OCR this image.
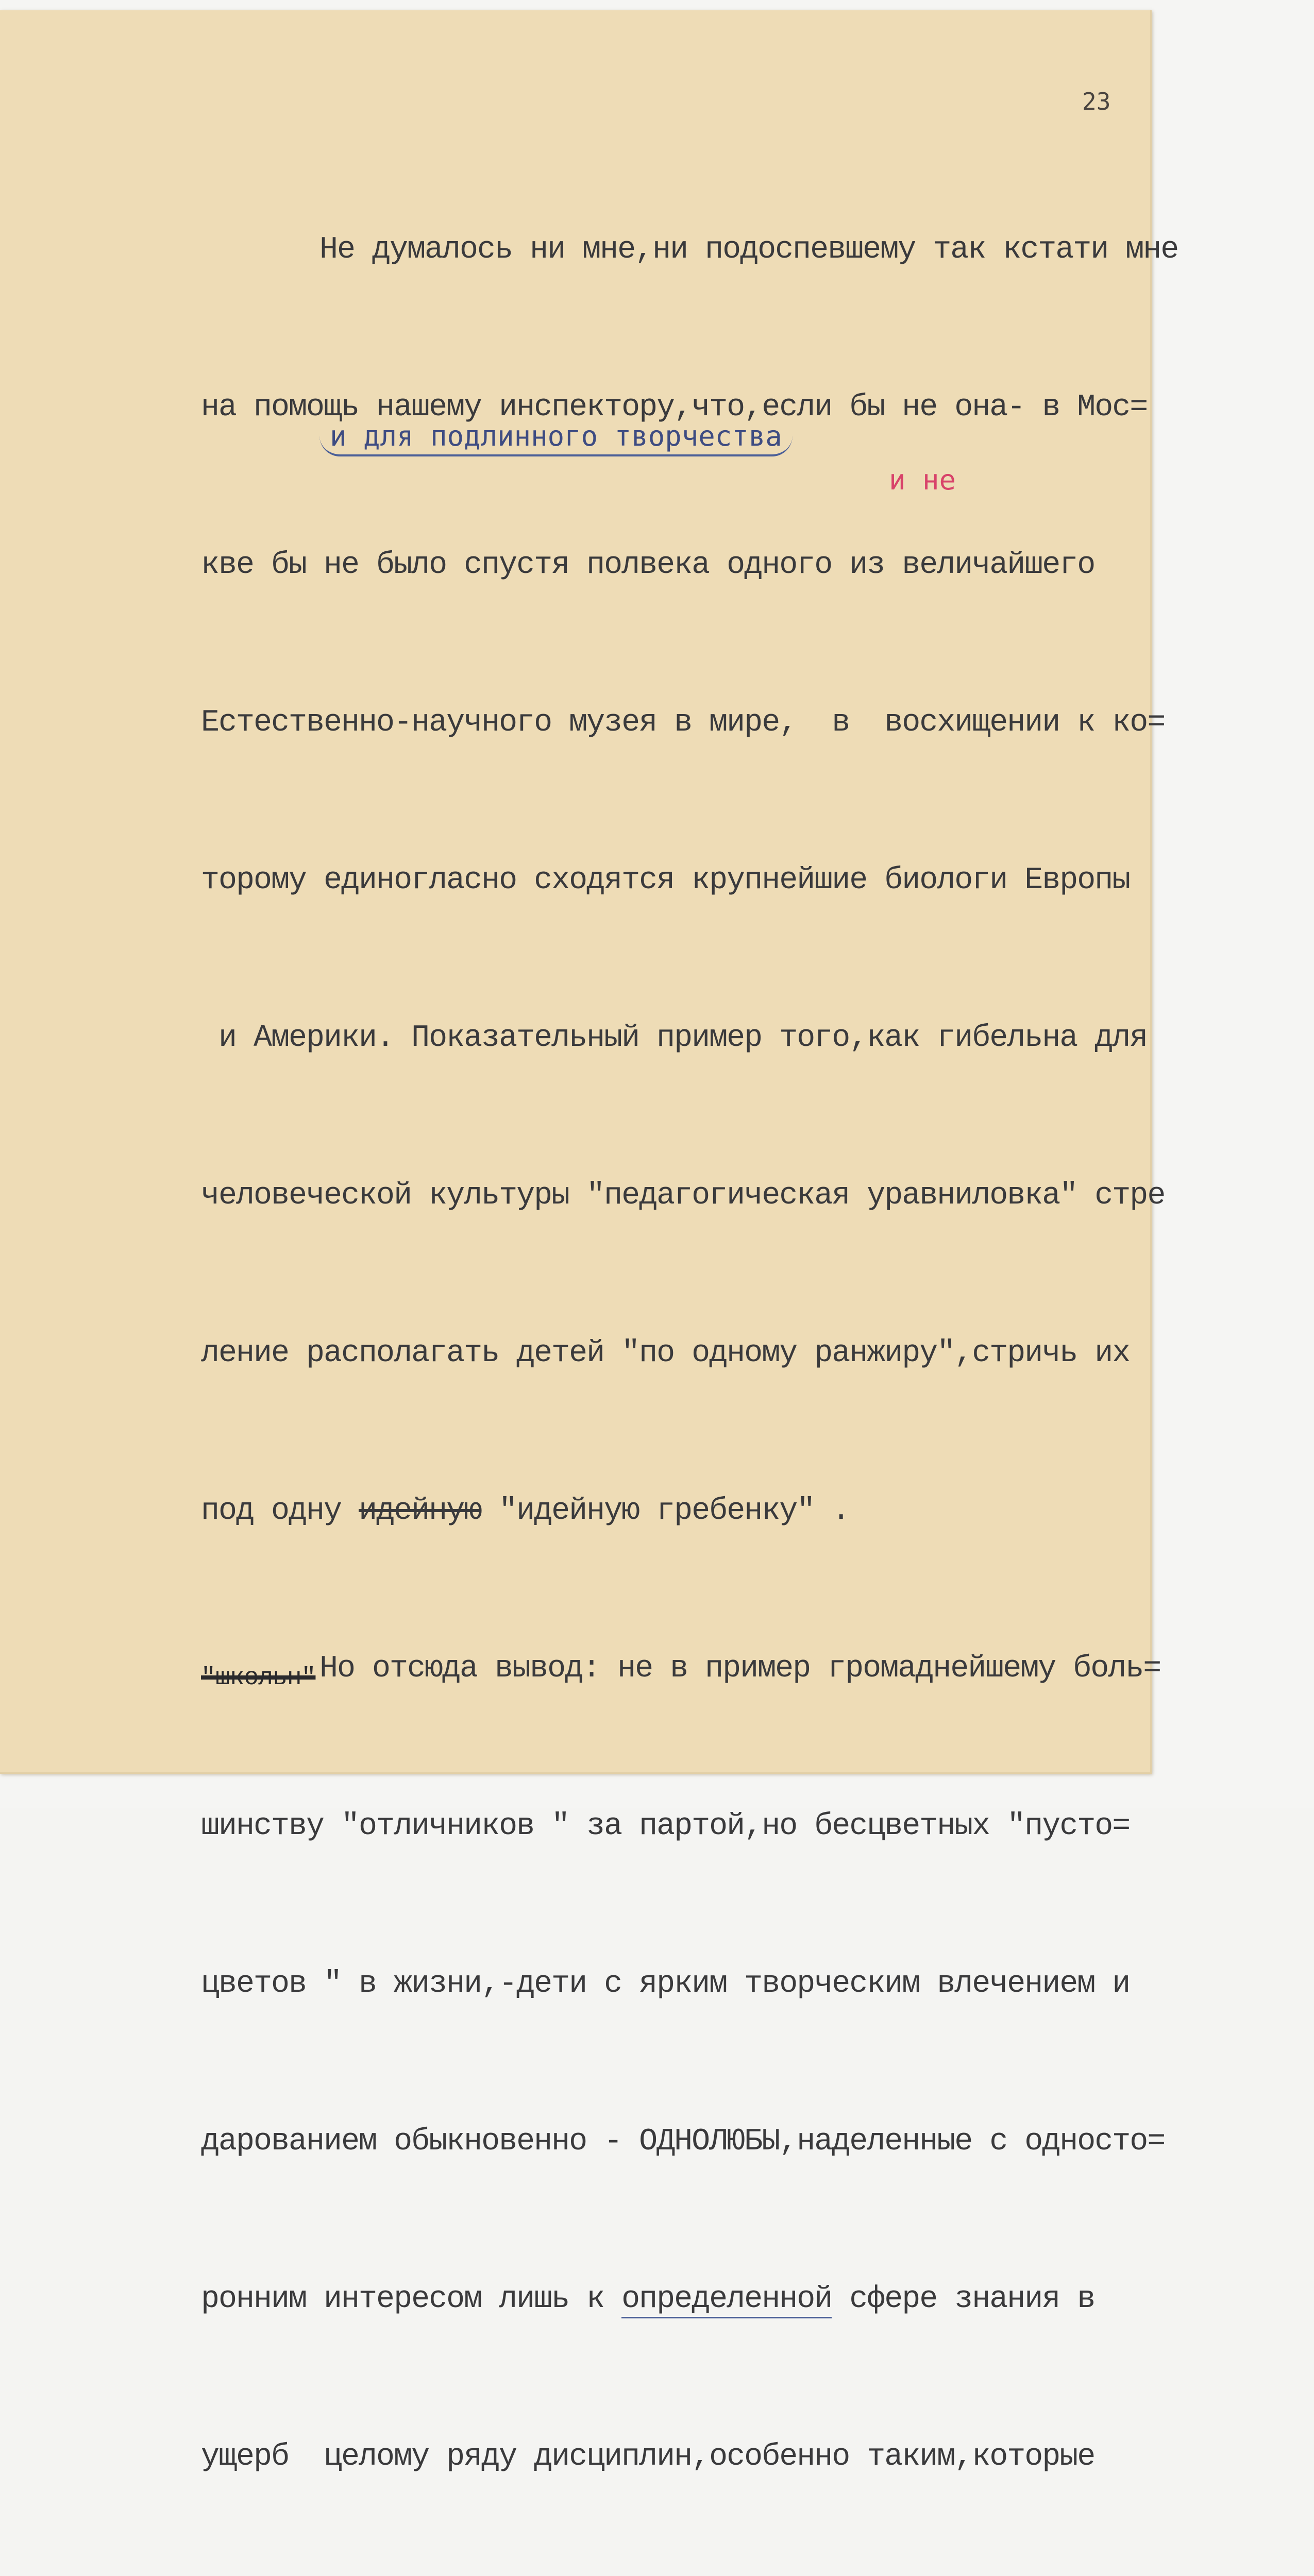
23
и для подлинного творчества
и не

Не думалось ни мне,ни подоспевшему так кстати мне

на помощь нашему инспектору,что,если бы не она- в Мос=

кве бы не было спустя полвека одного из величайшего

Естественно-научного музея в мире,  в  восхищении к ко=

торому единогласно сходятся крупнейшие биологи Европы

и Америки. Показательный пример того,как гибельна для

человеческой культуры "педагогическая уравниловка" стре

ление располагать детей "по одному ранжиру",стричь их

под одну идейную "идейную гребенку" .

Но отсюда вывод: не в пример громаднейшему боль=

шинству "отличников " за партой,но бесцветных "пусто=

цветов " в жизни,-дети с ярким творческим влечением и

дарованием обыкновенно - ОДНОЛЮБЫ,наделенные с односто=

ронним интересом лишь к определенной сфере знания в

ущерб  целому ряду дисциплин,особенно таким,которые

"школьн"
